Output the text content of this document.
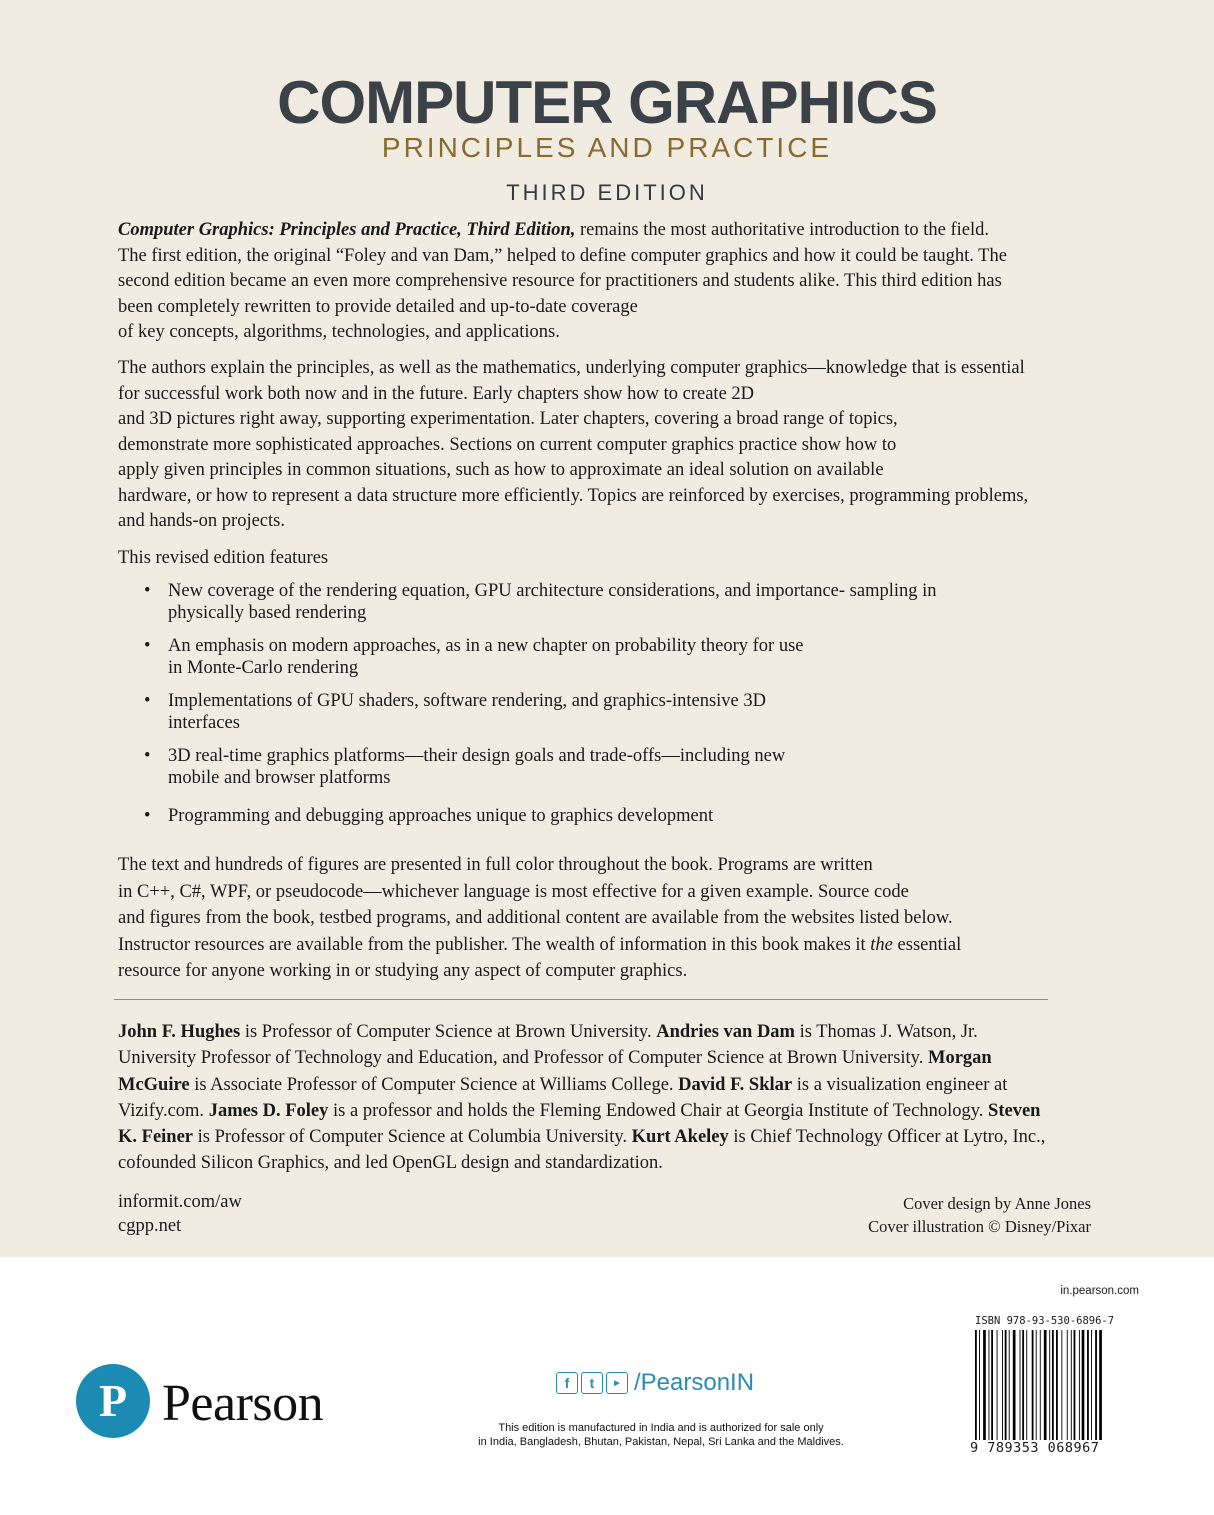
COMPUTER GRAPHICS
PRINCIPLES AND PRACTICE
THIRD EDITION

Computer Graphics: Principles and Practice, Third Edition, remains the most authoritative introduction to the field.
The first edition, the original “Foley and van Dam,” helped to define computer graphics and how it could be taught. The
second edition became an even more comprehensive resource for practitioners and students alike. This third edition has
been completely rewritten to provide detailed and up-to-date coverage
of key concepts, algorithms, technologies, and applications.

The authors explain the principles, as well as the mathematics, underlying computer graphics—knowledge that is essential
for successful work both now and in the future. Early chapters show how to create 2D
and 3D pictures right away, supporting experimentation. Later chapters, covering a broad range of topics,
demonstrate more sophisticated approaches. Sections on current computer graphics practice show how to
apply given principles in common situations, such as how to approximate an ideal solution on available
hardware, or how to represent a data structure more efficiently. Topics are reinforced by exercises, programming problems,
and hands-on projects.

This revised edition features

• New coverage of the rendering equation, GPU architecture considerations, and importance- sampling in
physically based rendering
• An emphasis on modern approaches, as in a new chapter on probability theory for use
in Monte-Carlo rendering
• Implementations of GPU shaders, software rendering, and graphics-intensive 3D
interfaces
• 3D real-time graphics platforms—their design goals and trade-offs—including new
mobile and browser platforms
• Programming and debugging approaches unique to graphics development

The text and hundreds of figures are presented in full color throughout the book. Programs are written
in C++, C#, WPF, or pseudocode—whichever language is most effective for a given example. Source code
and figures from the book, testbed programs, and additional content are available from the websites listed below.
Instructor resources are available from the publisher. The wealth of information in this book makes it the essential
resource for anyone working in or studying any aspect of computer graphics.

John F. Hughes is Professor of Computer Science at Brown University. Andries van Dam is Thomas J. Watson, Jr.
University Professor of Technology and Education, and Professor of Computer Science at Brown University. Morgan
McGuire is Associate Professor of Computer Science at Williams College. David F. Sklar is a visualization engineer at
Vizify.com. James D. Foley is a professor and holds the Fleming Endowed Chair at Georgia Institute of Technology. Steven
K. Feiner is Professor of Computer Science at Columbia University. Kurt Akeley is Chief Technology Officer at Lytro, Inc.,
cofounded Silicon Graphics, and led OpenGL design and standardization.

informit.com/aw
cgpp.net
Cover design by Anne Jones
Cover illustration © Disney/Pixar
P Pearson	f	t	▶ /PearsonIN
This edition is manufactured in India and is authorized for sale only
in India, Bangladesh, Bhutan, Pakistan, Nepal, Sri Lanka and the Maldives.
in.pearson.com
ISBN 978-93-530-6896-7
9 789353 068967
